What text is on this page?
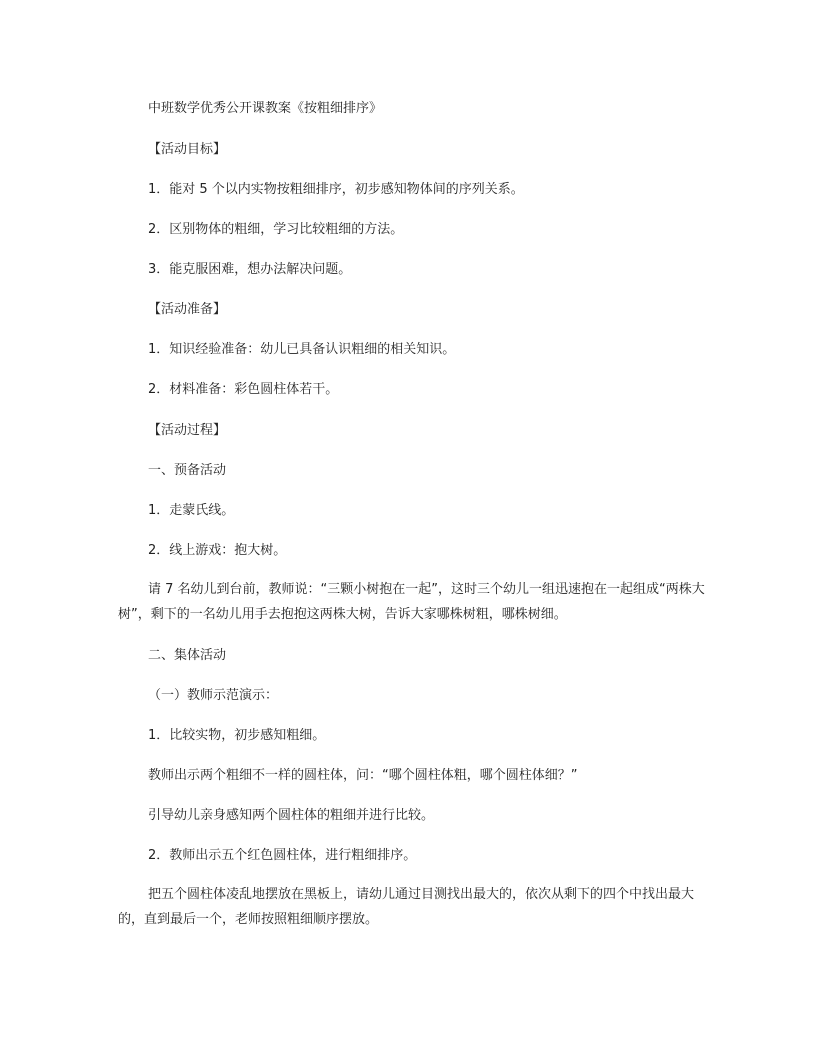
中班数学优秀公开课教案《按粗细排序》
【活动目标】
1．能对 5 个以内实物按粗细排序，初步感知物体间的序列关系。
2．区别物体的粗细，学习比较粗细的方法。
3．能克服困难，想办法解决问题。
【活动准备】
1．知识经验准备：幼儿已具备认识粗细的相关知识。
2．材料准备：彩色圆柱体若干。
【活动过程】
一、预备活动
1．走蒙氏线。
2．线上游戏：抱大树。
请 7 名幼儿到台前，教师说：“三颗小树抱在一起”，这时三个幼儿一组迅速抱在一起组成“两株大树”，剩下的一名幼儿用手去抱抱这两株大树，告诉大家哪株树粗，哪株树细。
二、集体活动
（一）教师示范演示：
1．比较实物，初步感知粗细。
教师出示两个粗细不一样的圆柱体，问：“哪个圆柱体粗，哪个圆柱体细？”
引导幼儿亲身感知两个圆柱体的粗细并进行比较。
2．教师出示五个红色圆柱体，进行粗细排序。
把五个圆柱体凌乱地摆放在黑板上，请幼儿通过目测找出最大的，依次从剩下的四个中找出最大的，直到最后一个，老师按照粗细顺序摆放。
